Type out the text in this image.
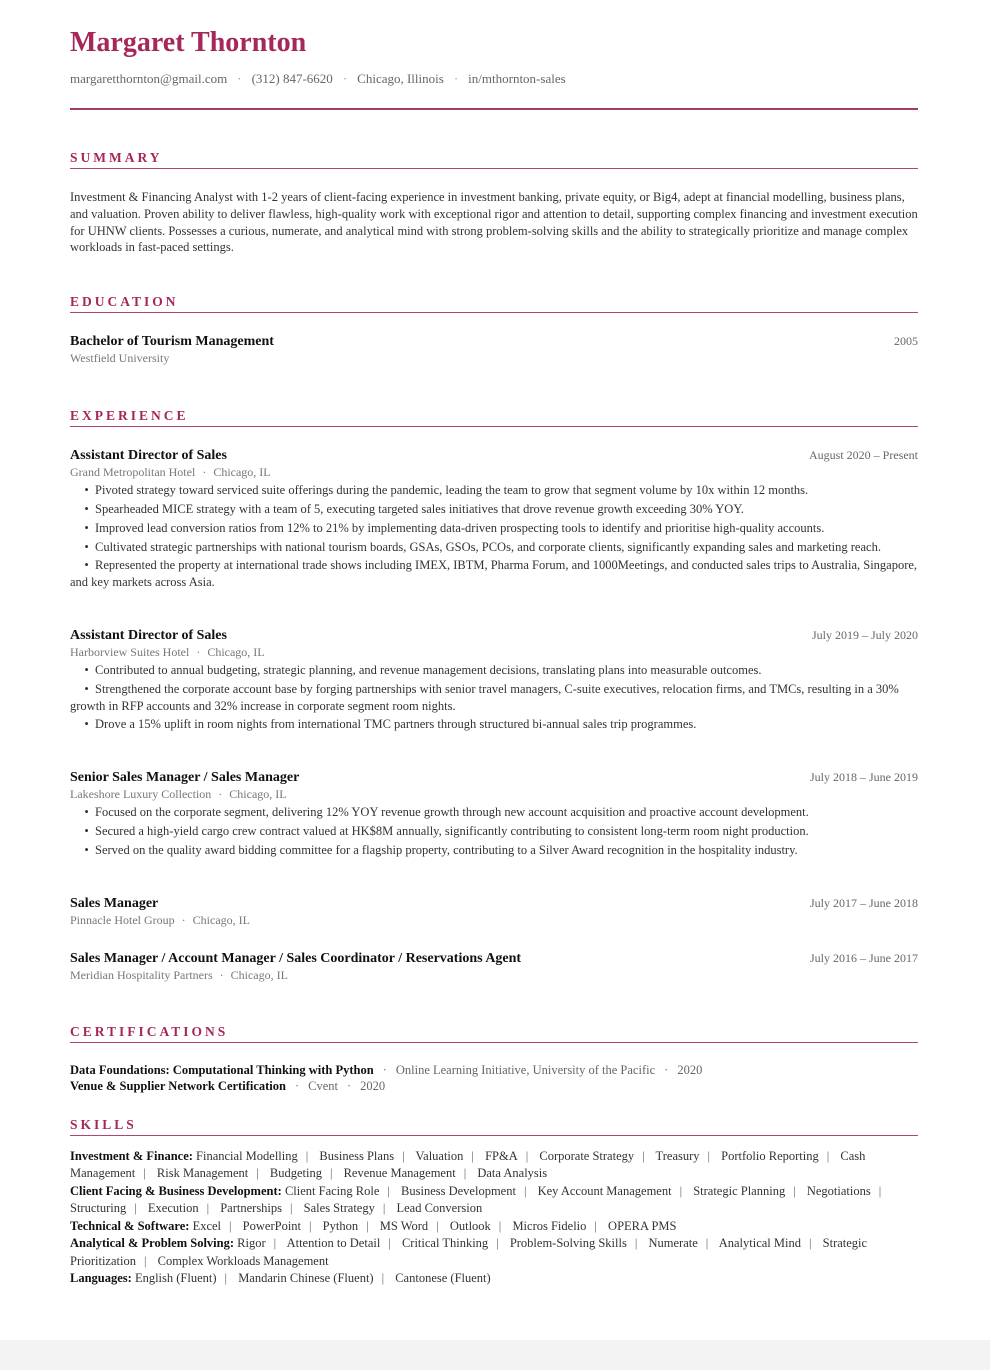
Margaret Thornton
margaretthornton@gmail.com · (312) 847-6620 · Chicago, Illinois · in/mthornton-sales
SUMMARY
Investment & Financing Analyst with 1-2 years of client-facing experience in investment banking, private equity, or Big4, adept at financial modelling, business plans, and valuation. Proven ability to deliver flawless, high-quality work with exceptional rigor and attention to detail, supporting complex financing and investment execution for UHNW clients. Possesses a curious, numerate, and analytical mind with strong problem-solving skills and the ability to strategically prioritize and manage complex workloads in fast-paced settings.
EDUCATION
Bachelor of Tourism Management	2005
Westfield University
EXPERIENCE
Assistant Director of Sales	August 2020 – Present
Grand Metropolitan Hotel · Chicago, IL
•  Pivoted strategy toward serviced suite offerings during the pandemic, leading the team to grow that segment volume by 10x within 12 months.
•  Spearheaded MICE strategy with a team of 5, executing targeted sales initiatives that drove revenue growth exceeding 30% YOY.
•  Improved lead conversion ratios from 12% to 21% by implementing data-driven prospecting tools to identify and prioritise high-quality accounts.
•  Cultivated strategic partnerships with national tourism boards, GSAs, GSOs, PCOs, and corporate clients, significantly expanding sales and marketing reach.
•  Represented the property at international trade shows including IMEX, IBTM, Pharma Forum, and 1000Meetings, and conducted sales trips to Australia, Singapore, and key markets across Asia.
Assistant Director of Sales	July 2019 – July 2020
Harborview Suites Hotel · Chicago, IL
•  Contributed to annual budgeting, strategic planning, and revenue management decisions, translating plans into measurable outcomes.
•  Strengthened the corporate account base by forging partnerships with senior travel managers, C-suite executives, relocation firms, and TMCs, resulting in a 30% growth in RFP accounts and 32% increase in corporate segment room nights.
•  Drove a 15% uplift in room nights from international TMC partners through structured bi-annual sales trip programmes.
Senior Sales Manager / Sales Manager	July 2018 – June 2019
Lakeshore Luxury Collection · Chicago, IL
•  Focused on the corporate segment, delivering 12% YOY revenue growth through new account acquisition and proactive account development.
•  Secured a high-yield cargo crew contract valued at HK$8M annually, significantly contributing to consistent long-term room night production.
•  Served on the quality award bidding committee for a flagship property, contributing to a Silver Award recognition in the hospitality industry.
Sales Manager	July 2017 – June 2018
Pinnacle Hotel Group · Chicago, IL
Sales Manager / Account Manager / Sales Coordinator / Reservations Agent	July 2016 – June 2017
Meridian Hospitality Partners · Chicago, IL
CERTIFICATIONS
Data Foundations: Computational Thinking with Python · Online Learning Initiative, University of the Pacific · 2020
Venue & Supplier Network Certification · Cvent · 2020
SKILLS
Investment & Finance: Financial Modelling | Business Plans | Valuation | FP&A | Corporate Strategy | Treasury | Portfolio Reporting | Cash Management | Risk Management | Budgeting | Revenue Management | Data Analysis
Client Facing & Business Development: Client Facing Role | Business Development | Key Account Management | Strategic Planning | Negotiations | Structuring | Execution | Partnerships | Sales Strategy | Lead Conversion
Technical & Software: Excel | PowerPoint | Python | MS Word | Outlook | Micros Fidelio | OPERA PMS
Analytical & Problem Solving: Rigor | Attention to Detail | Critical Thinking | Problem-Solving Skills | Numerate | Analytical Mind | Strategic Prioritization | Complex Workloads Management
Languages: English (Fluent) | Mandarin Chinese (Fluent) | Cantonese (Fluent)
